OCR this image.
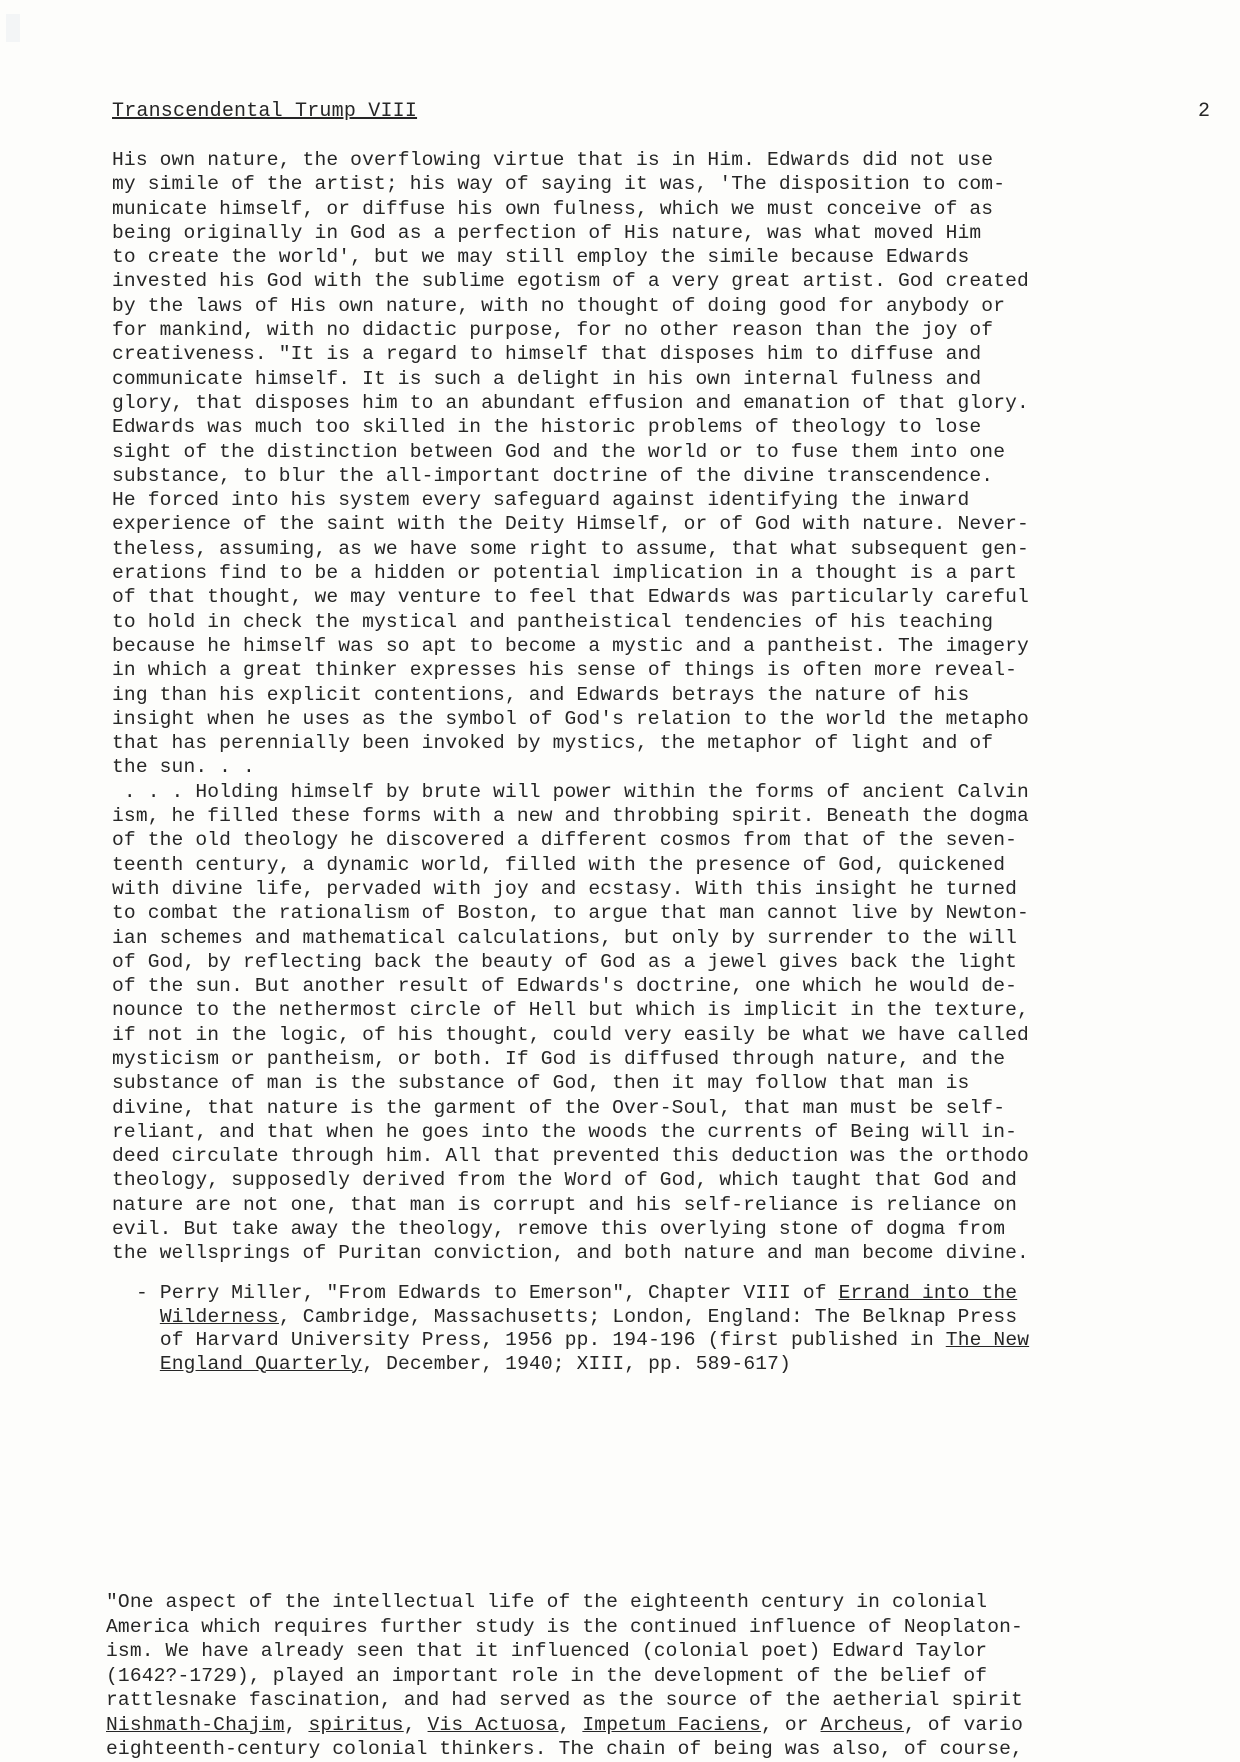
Transcendental Trump VIII	2
His own nature, the overflowing virtue that is in Him. Edwards did not use
my simile of the artist; his way of saying it was, 'The disposition to com-
municate himself, or diffuse his own fulness, which we must conceive of as
being originally in God as a perfection of His nature, was what moved Him
to create the world', but we may still employ the simile because Edwards
invested his God with the sublime egotism of a very great artist. God created
by the laws of His own nature, with no thought of doing good for anybody or
for mankind, with no didactic purpose, for no other reason than the joy of
creativeness. "It is a regard to himself that disposes him to diffuse and
communicate himself. It is such a delight in his own internal fulness and
glory, that disposes him to an abundant effusion and emanation of that glory.
Edwards was much too skilled in the historic problems of theology to lose
sight of the distinction between God and the world or to fuse them into one
substance, to blur the all-important doctrine of the divine transcendence.
He forced into his system every safeguard against identifying the inward
experience of the saint with the Deity Himself, or of God with nature. Never-
theless, assuming, as we have some right to assume, that what subsequent gen-
erations find to be a hidden or potential implication in a thought is a part
of that thought, we may venture to feel that Edwards was particularly careful
to hold in check the mystical and pantheistical tendencies of his teaching
because he himself was so apt to become a mystic and a pantheist. The imagery
in which a great thinker expresses his sense of things is often more reveal-
ing than his explicit contentions, and Edwards betrays the nature of his
insight when he uses as the symbol of God's relation to the world the metapho
that has perennially been invoked by mystics, the metaphor of light and of
the sun. . .
. . . Holding himself by brute will power within the forms of ancient Calvin
ism, he filled these forms with a new and throbbing spirit. Beneath the dogma
of the old theology he discovered a different cosmos from that of the seven-
teenth century, a dynamic world, filled with the presence of God, quickened
with divine life, pervaded with joy and ecstasy. With this insight he turned
to combat the rationalism of Boston, to argue that man cannot live by Newton-
ian schemes and mathematical calculations, but only by surrender to the will
of God, by reflecting back the beauty of God as a jewel gives back the light
of the sun. But another result of Edwards's doctrine, one which he would de-
nounce to the nethermost circle of Hell but which is implicit in the texture,
if not in the logic, of his thought, could very easily be what we have called
mysticism or pantheism, or both. If God is diffused through nature, and the
substance of man is the substance of God, then it may follow that man is
divine, that nature is the garment of the Over-Soul, that man must be self-
reliant, and that when he goes into the woods the currents of Being will in-
deed circulate through him. All that prevented this deduction was the orthodo
theology, supposedly derived from the Word of God, which taught that God and
nature are not one, that man is corrupt and his self-reliance is reliance on
evil. But take away the theology, remove this overlying stone of dogma from
the wellsprings of Puritan conviction, and both nature and man become divine.
- Perry Miller, "From Edwards to Emerson", Chapter VIII of Errand into the
Wilderness, Cambridge, Massachusetts; London, England: The Belknap Press
of Harvard University Press, 1956 pp. 194-196 (first published in The New
England Quarterly, December, 1940; XIII, pp. 589-617)
"One aspect of the intellectual life of the eighteenth century in colonial
America which requires further study is the continued influence of Neoplaton-
ism. We have already seen that it influenced (colonial poet) Edward Taylor
(1642?-1729), played an important role in the development of the belief of
rattlesnake fascination, and had served as the source of the aetherial spirit
Nishmath-Chajim, spiritus, Vis Actuosa, Impetum Faciens, or Archeus, of vario
eighteenth-century colonial thinkers. The chain of being was also, of course,
